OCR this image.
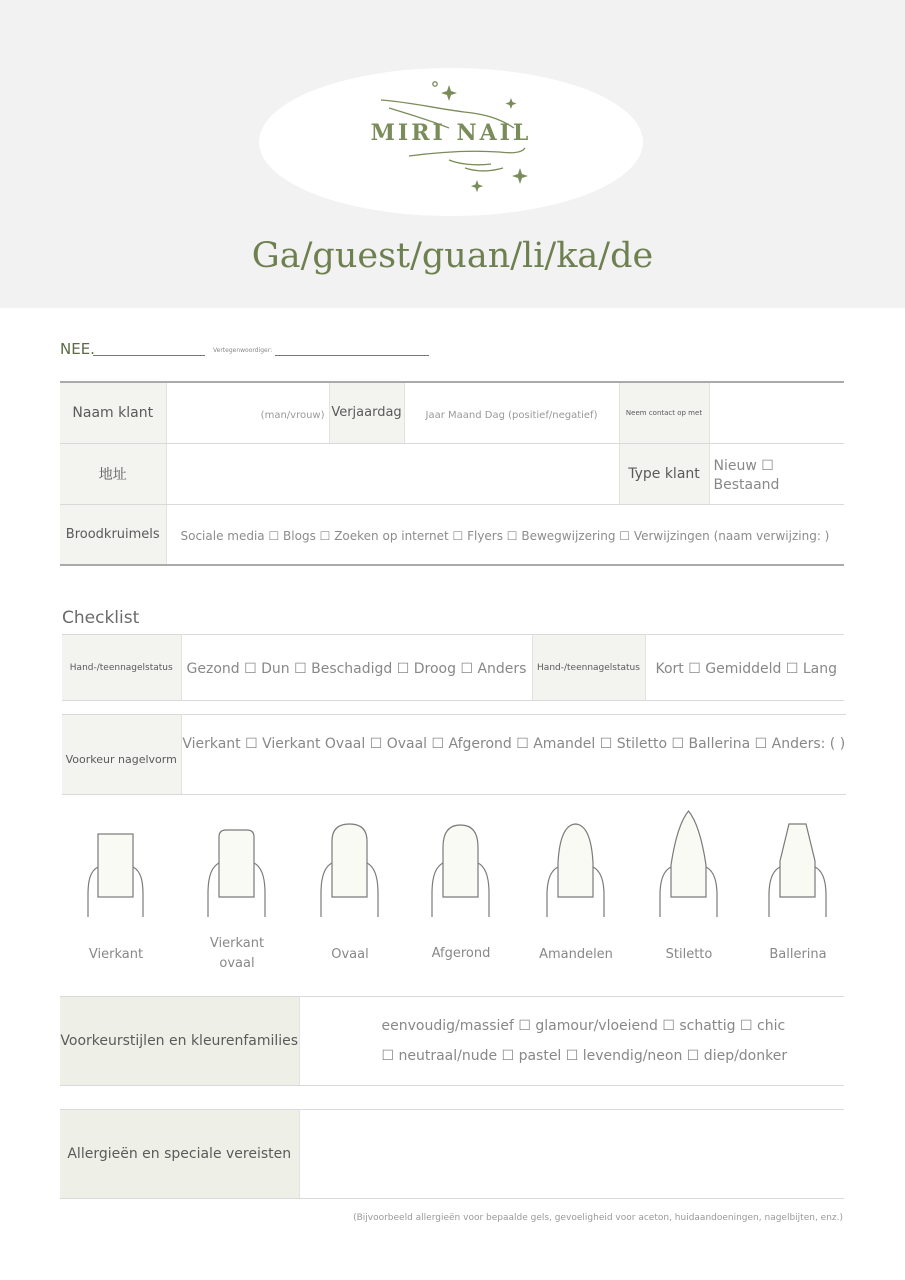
MIRI NAIL
Ga/guest/guan/li/ka/de
NEE.	Vertegenwoordiger:
Naam klant	(man/vrouw)	Verjaardag	Jaar Maand Dag (positief/negatief)	Neem contact op met	
地址				Type klant	Nieuw ☐ Bestaand
Broodkruimels	Sociale media ☐ Blogs ☐ Zoeken op internet ☐ Flyers ☐ Bewegwijzering ☐ Verwijzingen (naam verwijzing: )				
Checklist
Hand-/teennagelstatus	Gezond ☐ Dun ☐ Beschadigd ☐ Droog ☐ Anders	Hand-/teennagelstatus	Kort ☐ Gemiddeld ☐ Lang
Voorkeur nagelvorm	Vierkant ☐ Vierkant Ovaal ☐ Ovaal ☐ Afgerond ☐ Amandel ☐ Stiletto ☐ Ballerina ☐ Anders: ( )
Vierkant
Vierkant
ovaal
Ovaal	Afgerond	Amandelen	Stiletto	Ballerina
Voorkeurstijlen en kleurenfamilies	
eenvoudig/massief ☐ glamour/vloeiend ☐ schattig ☐ chic
☐ neutraal/nude ☐ pastel ☐ levendig/neon ☐ diep/donker
Allergieën en speciale vereisten	
(Bijvoorbeeld allergieën voor bepaalde gels, gevoeligheid voor aceton, huidaandoeningen, nagelbijten, enz.)
